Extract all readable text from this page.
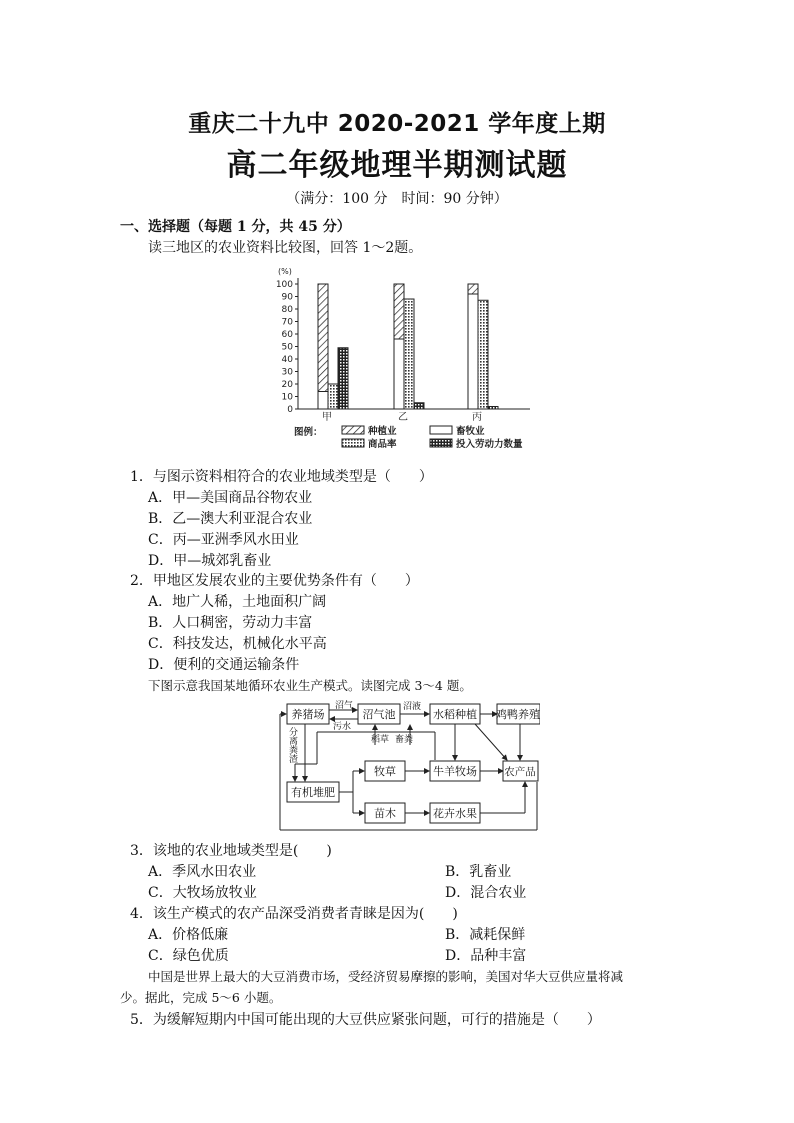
重庆二十九中 2020-2021 学年度上期
高二年级地理半期测试题
（满分：100 分　时间：90 分钟）
一、选择题（每题 1 分，共 45 分）
读三地区的农业资料比较图，回答 1～2题。
(%)
0
10
20
30
40
50
60
70
80
90
100
甲	乙	丙
图例：	种植业	畜牧业
商品率	投入劳动力数量
1．与图示资料相符合的农业地域类型是（　　）
A．甲—美国商品谷物农业
B．乙—澳大利亚混合农业
C．丙—亚洲季风水田业
D．甲—城郊乳畜业
2．甲地区发展农业的主要优势条件有（　　）
A．地广人稀，土地面积广阔
B．人口稠密，劳动力丰富
C．科技发达，机械化水平高
D．便利的交通运输条件
下图示意我国某地循环农业生产模式。读图完成 3～4 题。
养猪场	沼气池	水稻种植
牧草	牛羊牧场
有机堆肥
苗木	花卉水果
鸡鸭养殖
农产品
沼气
污水
沼液
稻草 畜粪
分离粪渣
3．该地的农业地域类型是(　　)
A．季风水田农业	B．乳畜业
C．大牧场放牧业	D．混合农业
4．该生产模式的农产品深受消费者青睐是因为(　　)
A．价格低廉	B．减耗保鲜
C．绿色优质	D．品种丰富
中国是世界上最大的大豆消费市场，受经济贸易摩擦的影响，美国对华大豆供应量将减
少。据此，完成 5～6 小题。
5．为缓解短期内中国可能出现的大豆供应紧张问题，可行的措施是（　　）
